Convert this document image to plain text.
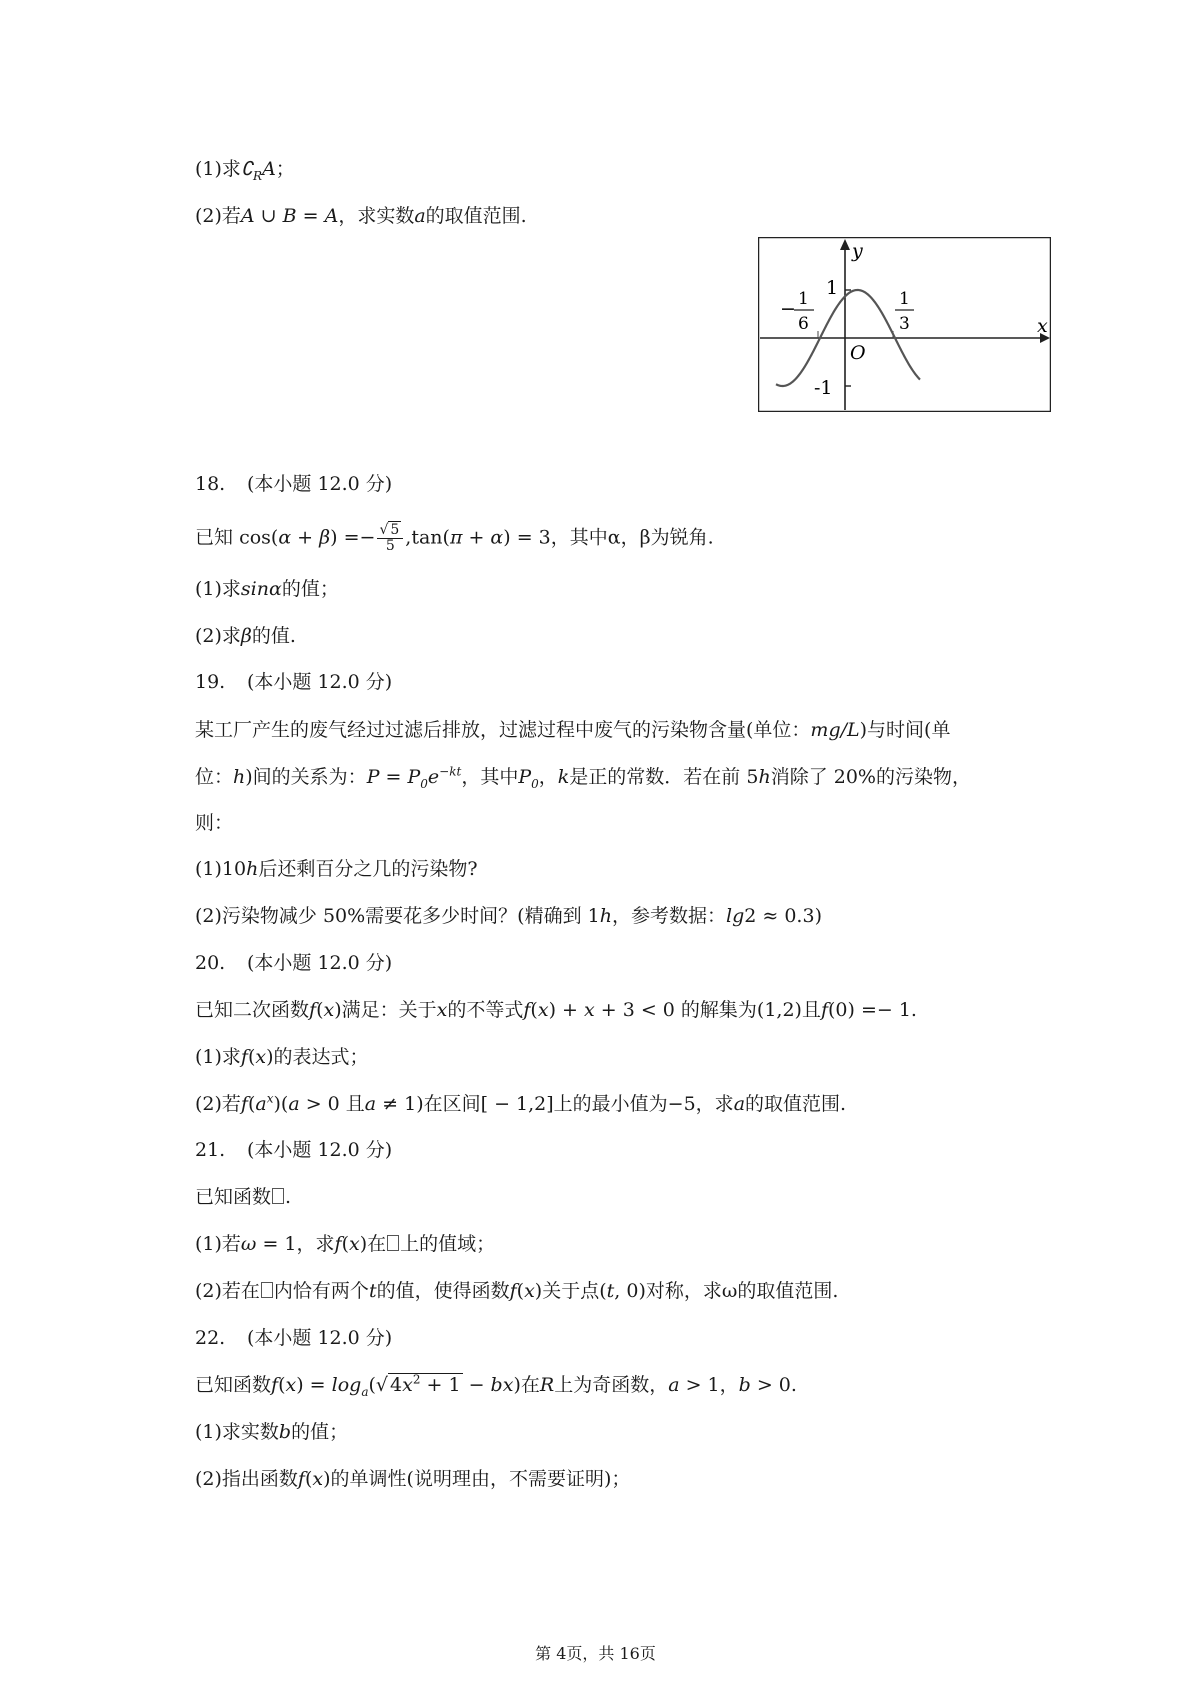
(1)求$∁_RA$；
(2)若A ∪ B = A，求实数a的取值范围.
y
x
O
1
-1
− 1
6
1
3
18. (本小题 12.0 分)
已知 $\cos(\alpha + \beta) =- \frac{√ 5}{5} ,\tan(\pi + \alpha) = 3$，其中α，β为锐角.
(1)求sinα的值；
(2)求β的值.
19. (本小题 12.0 分)
某工厂产生的废气经过过滤后排放，过滤过程中废气的污染物含量(单位：mg/L)与时间(单
位：h)间的关系为：$P = P_0e^{-kt}$，其中$P_0$，k是正的常数．若在前 5h消除了 20%的污染物，
则：
(1)10h后还剩百分之几的污染物?
(2)污染物减少 50%需要花多少时间？(精确到 1h，参考数据：lg2 ≈ 0.3)
20. (本小题 12.0 分)
已知二次函数f(x)满足：关于x的不等式f(x) + x + 3 < 0 的解集为(1,2)且f(0) =− 1.
(1)求f(x)的表达式；
(2)若$f(a^x)(a > 0$ 且a ≠ 1)在区间[ − 1,2]上的最小值为−5，求a的取值范围.
21. (本小题 12.0 分)
已知函数 .
(1)若ω = 1，求f(x)在 上的值域；
(2)若在 内恰有两个t的值，使得函数f(x)关于点(t, 0)对称，求ω的取值范围.
22. (本小题 12.0 分)
已知函数$f(x) = \log_a(√$ $4x^2 + 1 - bx$)在R上为奇函数，a > 1，b > 0.
(1)求实数b的值；
(2)指出函数f(x)的单调性(说明理由，不需要证明)；
第 4页，共 16页
